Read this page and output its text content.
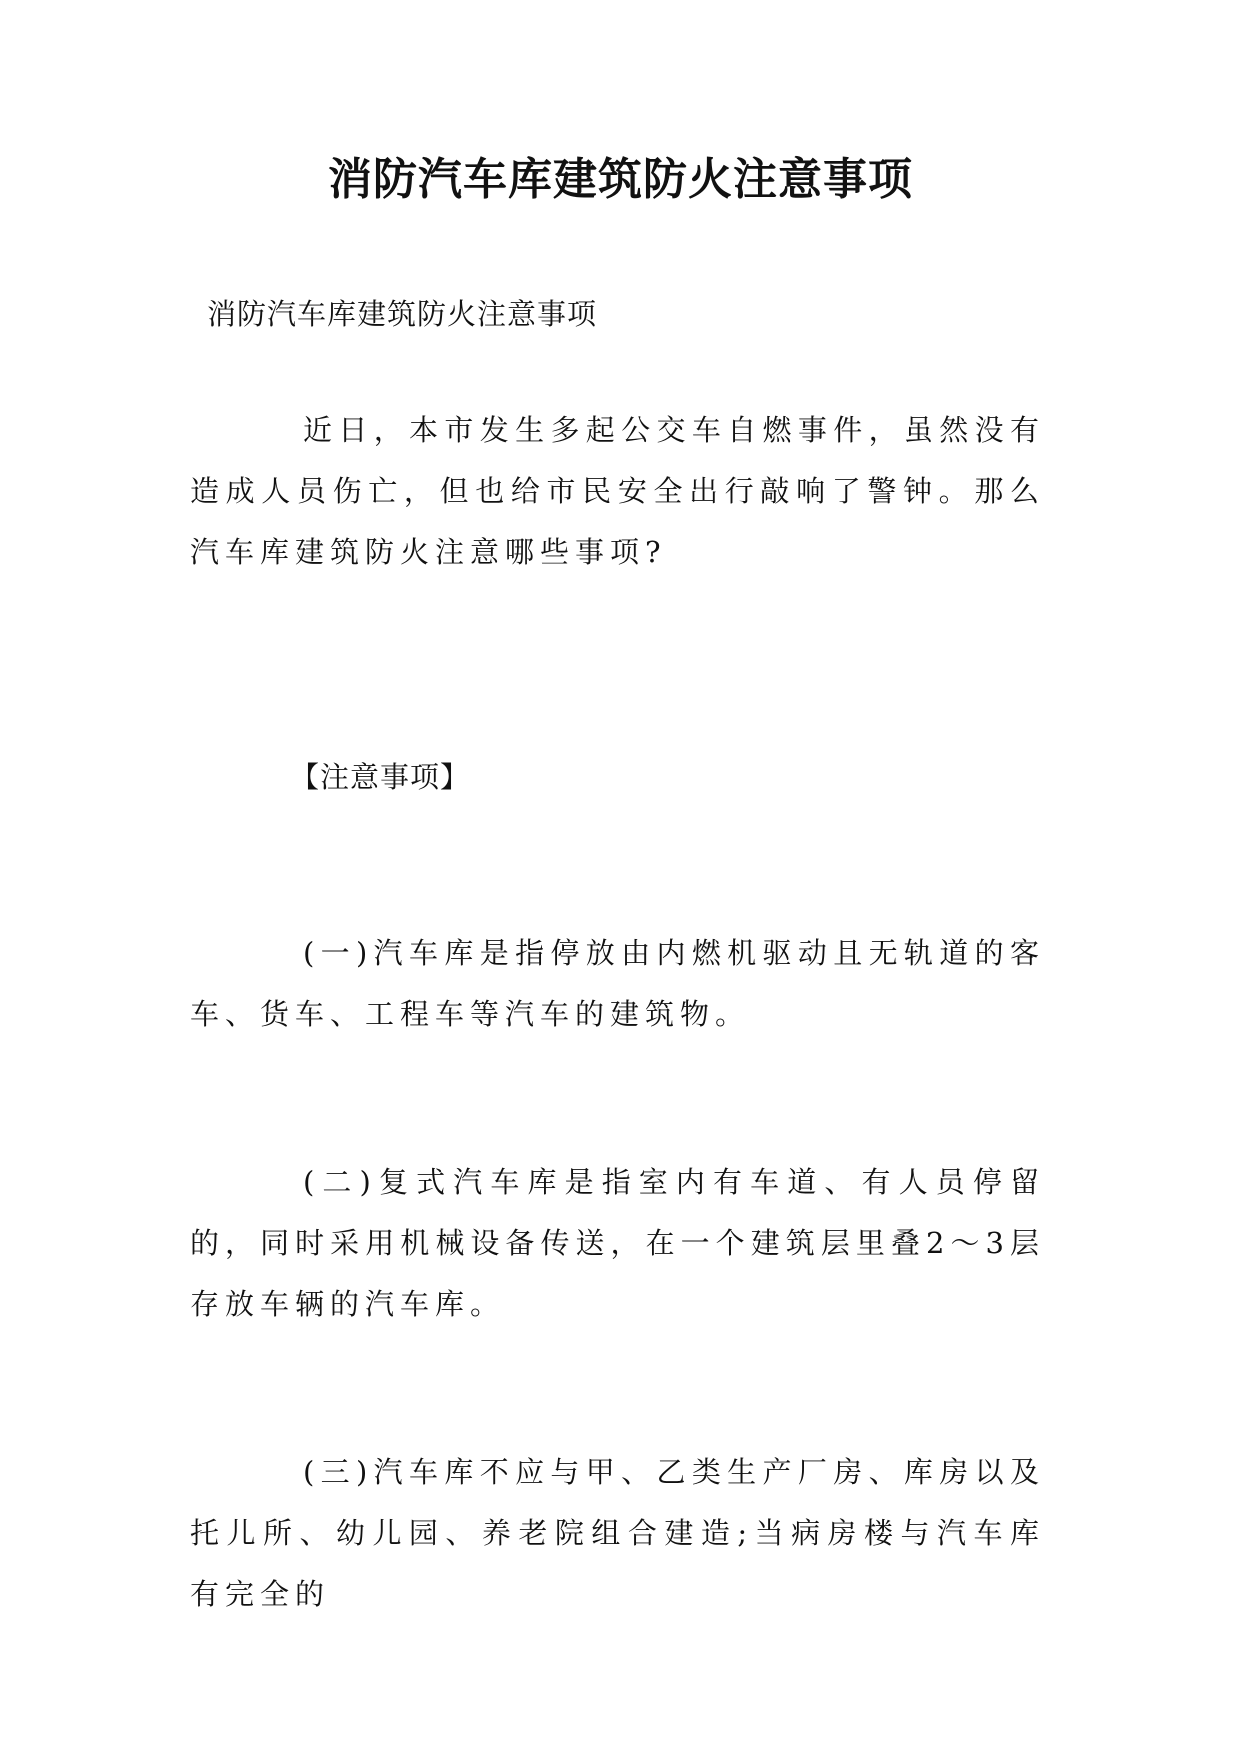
消防汽车库建筑防火注意事项

消防汽车库建筑防火注意事项

近日，本市发生多起公交车自燃事件，虽然没有造成人员伤亡，但也给市民安全出行敲响了警钟。那么汽车库建筑防火注意哪些事项?

【注意事项】

(一)汽车库是指停放由内燃机驱动且无轨道的客车、货车、工程车等汽车的建筑物。

(二)复式汽车库是指室内有车道、有人员停留的，同时采用机械设备传送，在一个建筑层里叠2～3层存放车辆的汽车库。

(三)汽车库不应与甲、乙类生产厂房、库房以及托儿所、幼儿园、养老院组合建造;当病房楼与汽车库有完全的
